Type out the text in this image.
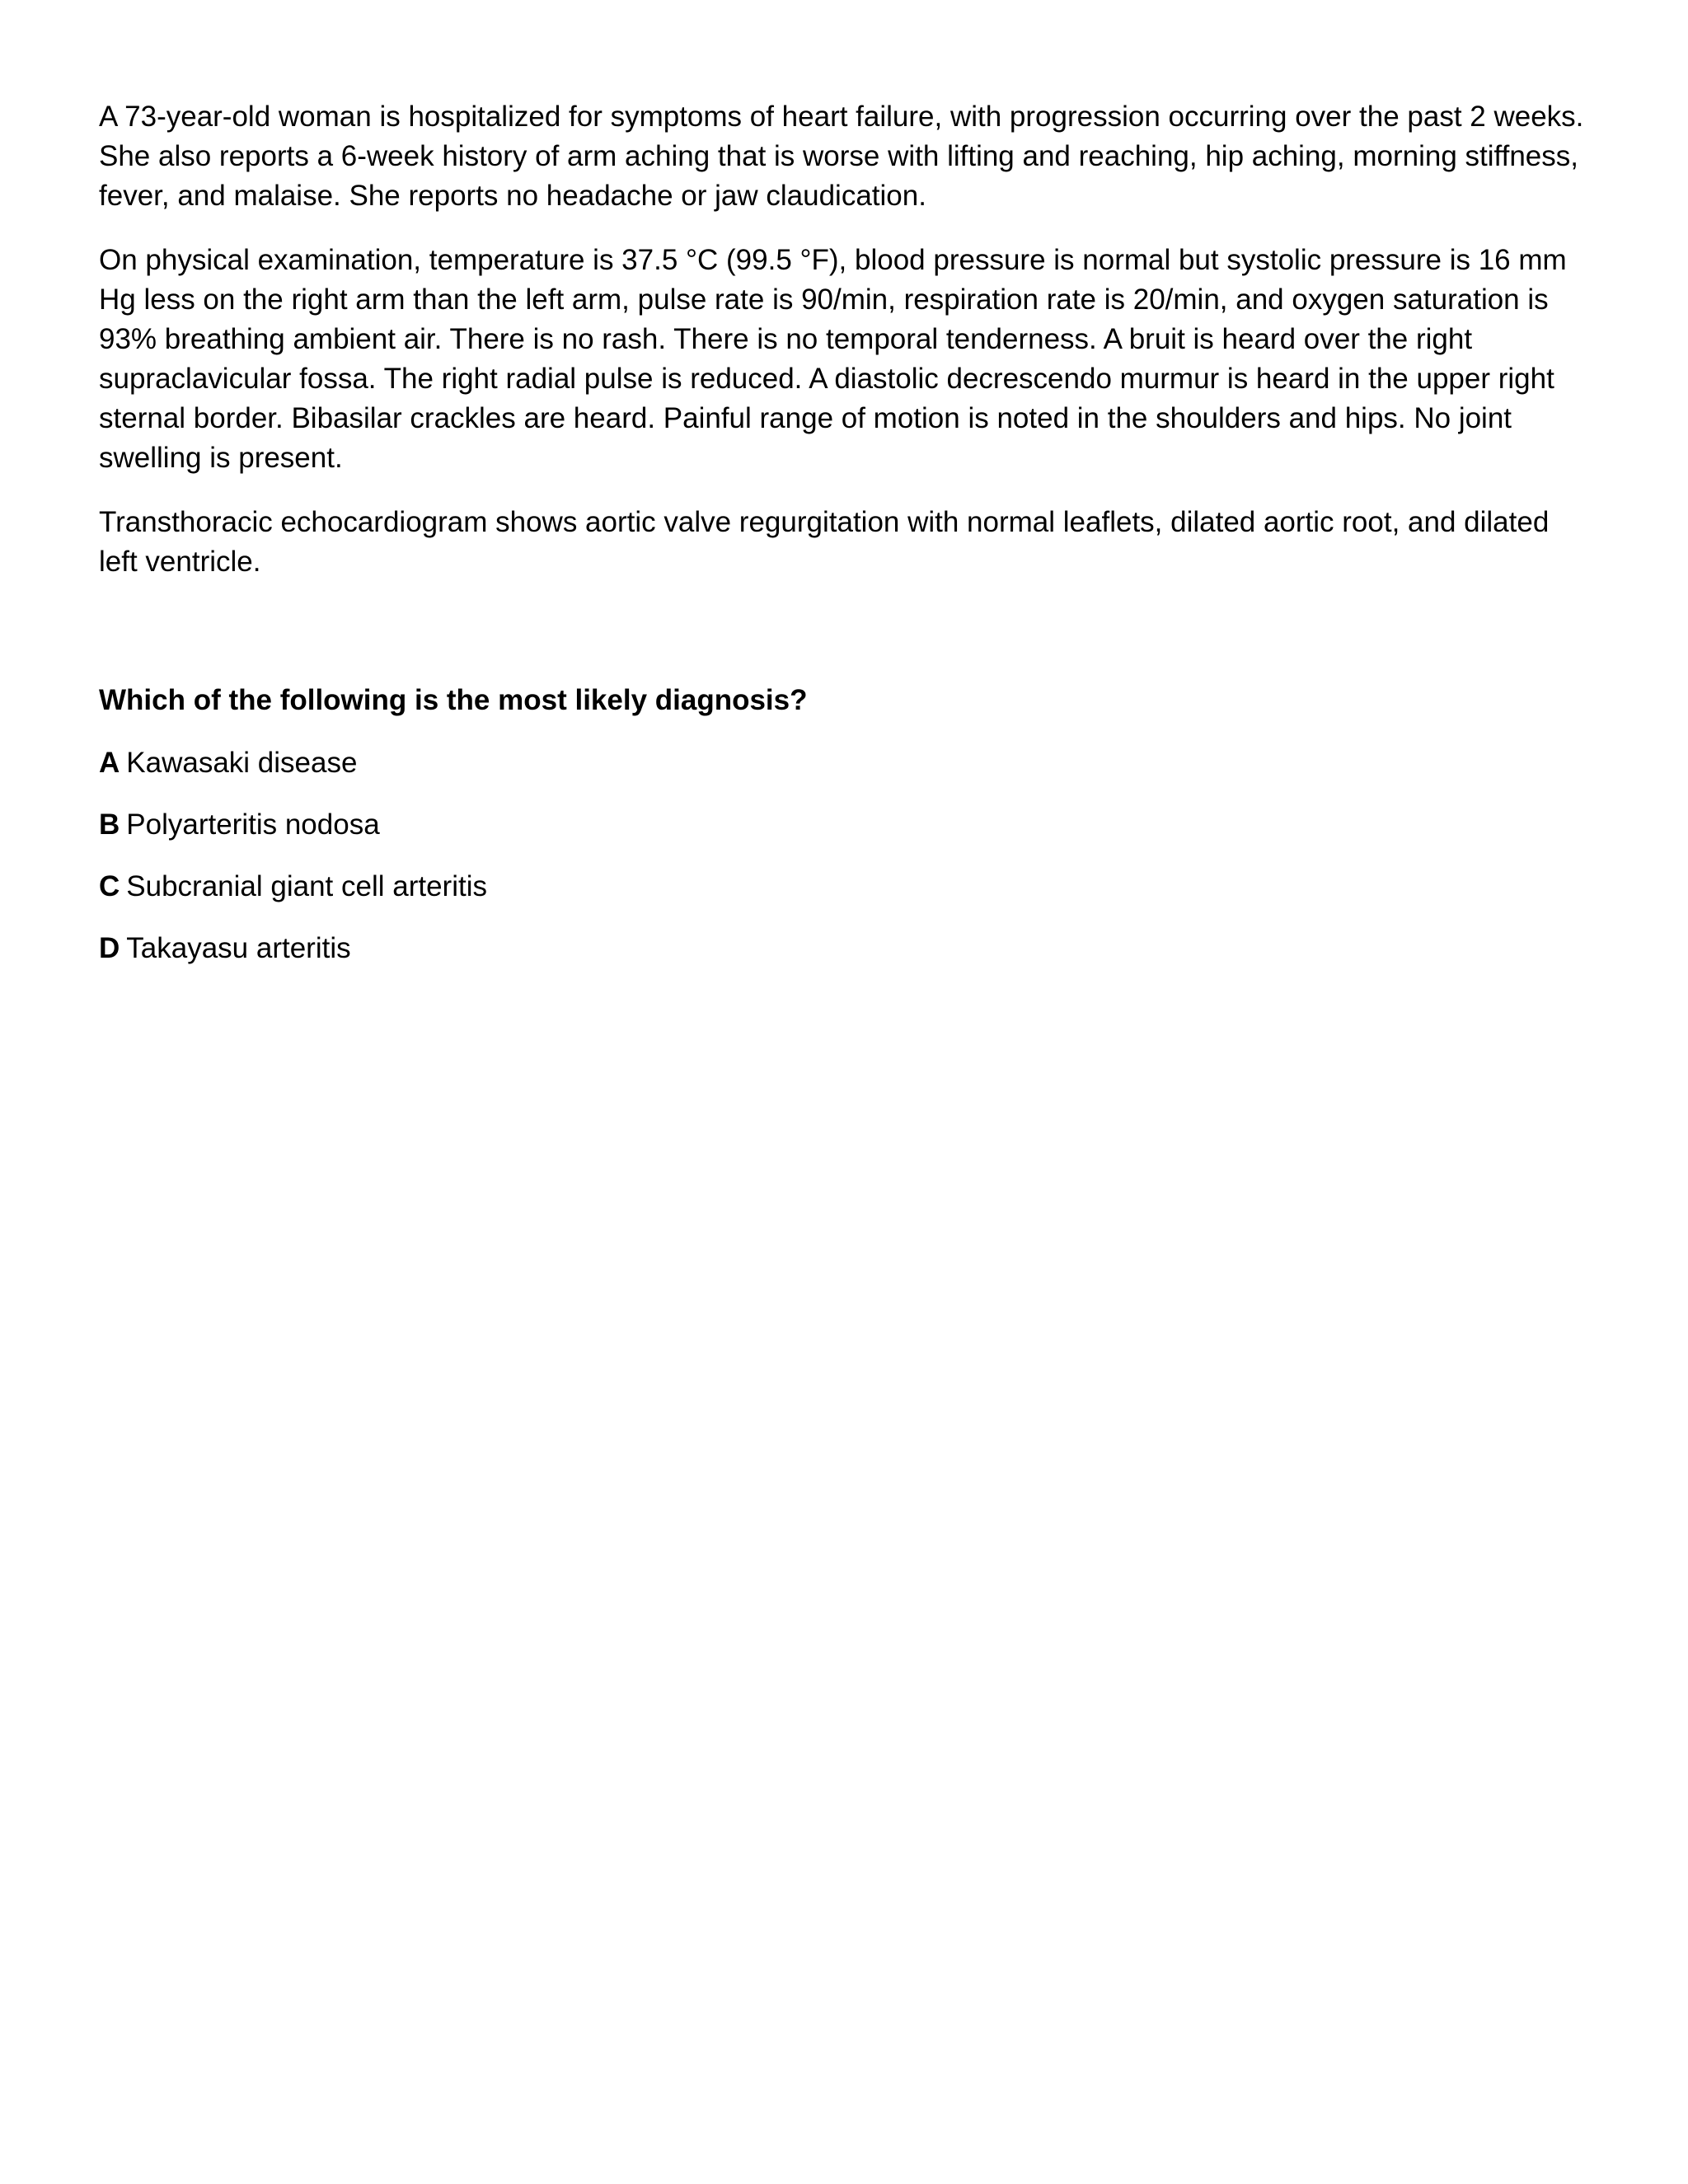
A 73-year-old woman is hospitalized for symptoms of heart failure, with progression occurring over the past 2 weeks. She also reports a 6-week history of arm aching that is worse with lifting and reaching, hip aching, morning stiffness, fever, and malaise. She reports no headache or jaw claudication.

On physical examination, temperature is 37.5 °C (99.5 °F), blood pressure is normal but systolic pressure is 16 mm Hg less on the right arm than the left arm, pulse rate is 90/min, respiration rate is 20/min, and oxygen saturation is 93% breathing ambient air. There is no rash. There is no temporal tenderness. A bruit is heard over the right supraclavicular fossa. The right radial pulse is reduced. A diastolic decrescendo murmur is heard in the upper right sternal border. Bibasilar crackles are heard. Painful range of motion is noted in the shoulders and hips. No joint swelling is present.

Transthoracic echocardiogram shows aortic valve regurgitation with normal leaflets, dilated aortic root, and dilated left ventricle.

Which of the following is the most likely diagnosis?

A Kawasaki disease
B Polyarteritis nodosa
C Subcranial giant cell arteritis
D Takayasu arteritis
